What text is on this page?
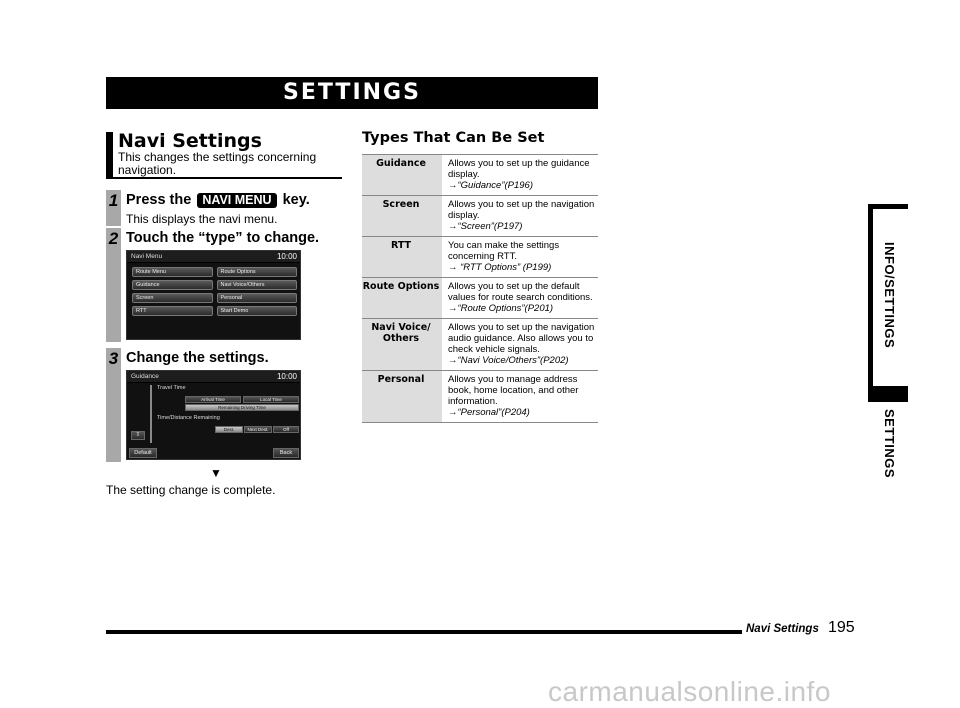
SETTINGS
Navi Settings

This changes the settings concerning navigation.

1 Press the NAVI MENU key.
This displays the navi menu.
2 Touch the “type” to change.
Navi Menu	10:00
Route Menu	Route Options
Guidance	Navi Voice/Others
Screen	Personal
RTT	Start Demo
3 Change the settings.
Guidance	10:00
Travel Time
Arrival Time	Local Time
Remaining Driving Time
Time/Distance Remaining
Dest.	Next Dest.	Off
⇧
Default	Back
▼
The setting change is complete.
Types That Can Be Set
Guidance	Allows you to set up the guidance display.
→“Guidance”(P196)

Screen	Allows you to set up the navigation display.
→“Screen”(P197)

RTT	You can make the settings concerning RTT.
→ “RTT Options” (P199)

Route Options	Allows you to set up the default values for route search conditions.
→“Route Options”(P201)

Navi Voice/ Others	Allows you to set up the navigation audio guidance. Also allows you to check vehicle signals.
→“Navi Voice/Others”(P202)

Personal	Allows you to manage address book, home location, and other information.
→“Personal”(P204)
INFO/SETTINGS
SETTINGS
Navi Settings 195
carmanualsonline.info
